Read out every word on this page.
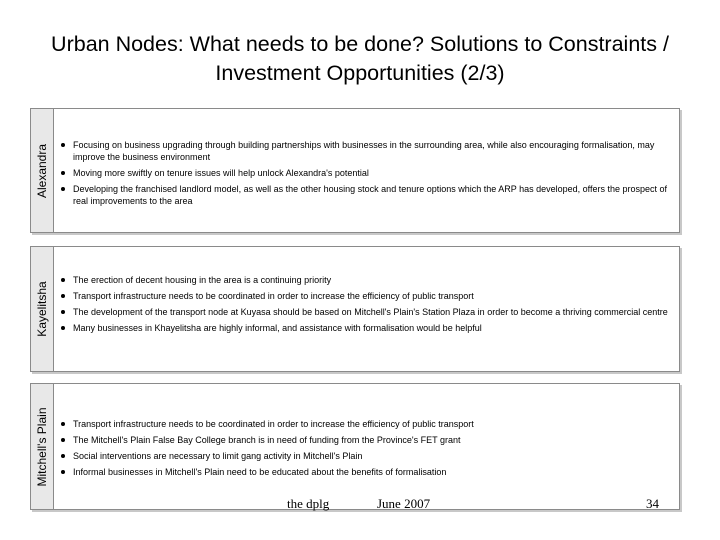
Urban Nodes: What needs to be done? Solutions to Constraints / Investment Opportunities (2/3)
Alexandra	Focusing on business upgrading through building partnerships with businesses in the surrounding area, while also encouraging formalisation, may improve the business environment
Moving more swiftly on tenure issues will help unlock Alexandra's potential
Developing the franchised landlord model, as well as the other housing stock and tenure options which the ARP has developed, offers the prospect of real improvements to the area
Kayelitsha
The erection of decent housing in the area is a continuing priority
Transport infrastructure needs to be coordinated in order to increase the efficiency of public transport
The development of the transport node at Kuyasa should be based on Mitchell's Plain's Station Plaza in order to become a thriving commercial centre
Many businesses in Khayelitsha are highly informal, and assistance with formalisation would be helpful
Mitchell's Plain	Transport infrastructure needs to be coordinated in order to increase the efficiency of public transport
The Mitchell's Plain False Bay College branch is in need of funding from the Province's FET grant
Social interventions are necessary to limit gang activity in Mitchell's Plain
Informal businesses in Mitchell's Plain need to be educated about the benefits of formalisation
the dplg	June 2007	34
